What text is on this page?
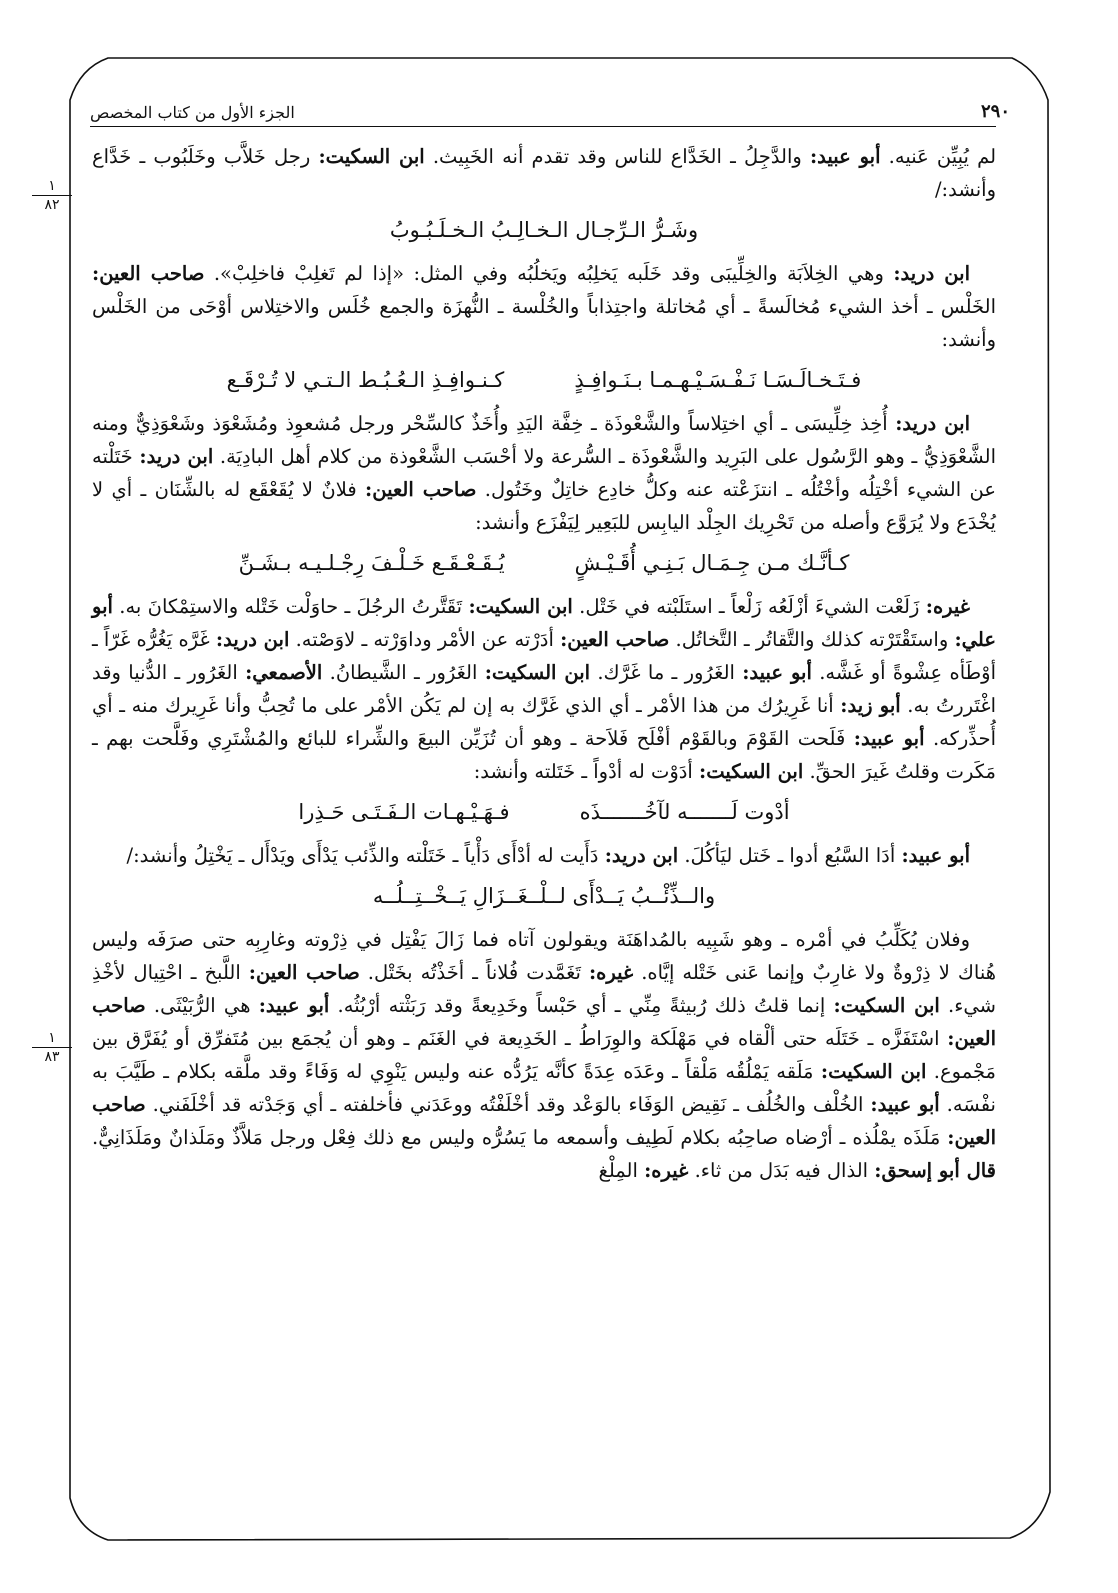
٢٩٠
الجزء الأول من كتاب المخصص
١
٨٢
١
٨٣

لم يُبِيِّن عَنيه. أبو عبيد: والدَّجِلُ ـ الخَدَّاع للناس وقد تقدم أنه الخَبِيث. ابن السكيت: رجل خَلاَّب وخَلَبُوب ـ خَدَّاع وأنشد:/

وشَـرُّ الـرِّجـال الـخـالِـبُ الـخـلَـبُـوبُ

ابن دريد: وهي الخِلاَبَة والخِلِّيبَى وقد خَلَبه يَخلِبُه ويَخلُبُه وفي المثل: «إذا لم تَغلِبْ فاخلِبْ». صاحب العين: الخَلْس ـ أخذ الشيء مُخالَسةً ـ أي مُخاتلة واجتِذاباً والخُلْسة ـ النُّهزَة والجمع خُلَس والاختِلاس أوْحَى من الخَلْس وأنشد:

فـتَـخـالَـسَـا نَـفْـسَـيْـهـمـا بـنَـوافِـذٍ
كـنـوافِـذِ الـعُـبُـط الـتـي لا تُـرْقَـع

ابن دريد: أُخِذ خِلِّيسَى ـ أي اختِلاساً والشَّعْوذَة ـ خِفَّة اليَدِ وأُخَذٌ كالسِّحْر ورجل مُشعوِذ ومُشَعْوَذ وشَعْوَذِيٌّ ومنه الشَّعْوَذِيُّ ـ وهو الرَّسُول على البَرِيد والشَّعْوذَة ـ السُّرعة ولا أحْسَب الشَّعْوذة من كلام أهل البادِيَة. ابن دريد: خَتَلْته عن الشيء أخْتِلُه وأخْتُلُه ـ انتزَعْته عنه وكلُّ خادِع خاتِلٌ وخَتُول. صاحب العين: فلانٌ لا يُقَعْقَع له بالشِّنَان ـ أي لا يُخْدَع ولا يُرَوَّع وأصله من تَحْرِيك الجِلْد اليابِس للبَعِير لِيَفْزَع وأنشد:

كـأنَّـك مـن جِـمَـال بَـنِـي أُقَـيْـشٍ
يُـقَـعْـقَـع خَـلْـفَ رِجْـلـيـه بـشَـنِّ

غيره: زَلَعْت الشيءَ أزْلَعُه زَلْعاً ـ استَلَبْته في خَتْل. ابن السكيت: تَقَتَّرتُ الرجُلَ ـ حاوَلْت خَتْله والاستِمْكانَ به. أبو علي: واستَقْتَرْته كذلك والتَّقاتُر ـ التَّخاتُل. صاحب العين: أدَرْته عن الأمْر وداوَرْته ـ لاوَصْته. ابن دريد: غَرَّه يَغُرُّه غَرّاً ـ أوْطَأه عِشْوةً أو غَشَّه. أبو عبيد: الغَرُور ـ ما غَرَّك. ابن السكيت: الغَرُور ـ الشَّيطانُ. الأصمعي: الغَرُور ـ الدُّنيا وقد اغْتَررتُ به. أبو زيد: أنا غَرِيرُك من هذا الأمْر ـ أي الذي غَرَّك به إن لم يَكُن الأمْر على ما تُحِبُّ وأنا غَرِيرك منه ـ أي أُحذِّركه. أبو عبيد: فَلَحت القَوْمَ وبالقَوْم أفْلَح فَلاَحة ـ وهو أن تُزَيِّن البيعَ والشِّراء للبائع والمُشْتَرِي وفَلَّحت بهم ـ مَكَرت وقلتُ غَيرَ الحقِّ. ابن السكيت: أدَوْت له أدْواً ـ خَتَلته وأنشد:

أدْوت لَـــــــه لآخُـــــــذَه
فـهَـيْـهـات الـفَـتَـى حَـذِرا

أبو عبيد: أدَا السَّبُع أدوا ـ خَتل ليَأكُلَ. ابن دريد: دَأَيت له أدْأَى دَأْياً ـ خَتَلْته والذِّئب يَدْأَى ويَدْأَل ـ يَخْتِلُ وأنشد:/

والــذِّئْــبُ يَــدْأَى لــلْــغَــزَالِ يَــخْــتِــلُــه

وفلان يُكَلِّبُ في أمْره ـ وهو شَبِيه بالمُداهَنَة ويقولون آتاه فما زَالَ يَفْتِل في ذِرْوته وغارِبِه حتى صرَفَه وليس هُناك لا ذِرْوةٌ ولا غارِبٌ وإنما عَنى خَتْله إيَّاه. غيره: تَغَمَّدت فُلاناً ـ أخَذْتُه بخَتْل. صاحب العين: اللَّبخ ـ احْتِيال لأخْذِ شيء. ابن السكيت: إنما قلتُ ذلك رُبيثةً مِنِّي ـ أي حَبْساً وخَدِيعةً وقد رَبَثْته أرْبُثُه. أبو عبيد: هي الرُّبَيْثَى. صاحب العين: اسْتَفَزَّه ـ خَتَلَه حتى ألْقاه في مَهْلَكة والوِرَاطُ ـ الخَدِيعة في الغَنَم ـ وهو أن يُجمَع بين مُتَفرِّق أو يُفَرَّق بين مَجْموع. ابن السكيت: مَلَقه يَمْلُقُه مَلْقاً ـ وعَدَه عِدَةً كأنَّه يَرُدُّه عنه وليس يَنْوِي له وَفَاءً وقد ملَّقه بكلام ـ طَيَّبَ به نفْسَه. أبو عبيد: الخُلْف والخُلُف ـ نَقِيض الوَفَاء بالوَعْد وقد أخْلَفْتُه ووعَدَني فأخلفته ـ أي وَجَدْته قد أخْلَفَني. صاحب العين: مَلَذَه يمْلُذه ـ أرْضاه صاحِبُه بكلام لَطِيف وأسمعه ما يَسُرُّه وليس مع ذلك فِعْل ورجل مَلاَّذٌ ومَلَذانٌ ومَلَذَانِيٌّ. قال أبو إسحق: الذال فيه بَدَل من ثاء. غيره: المِلْغ
